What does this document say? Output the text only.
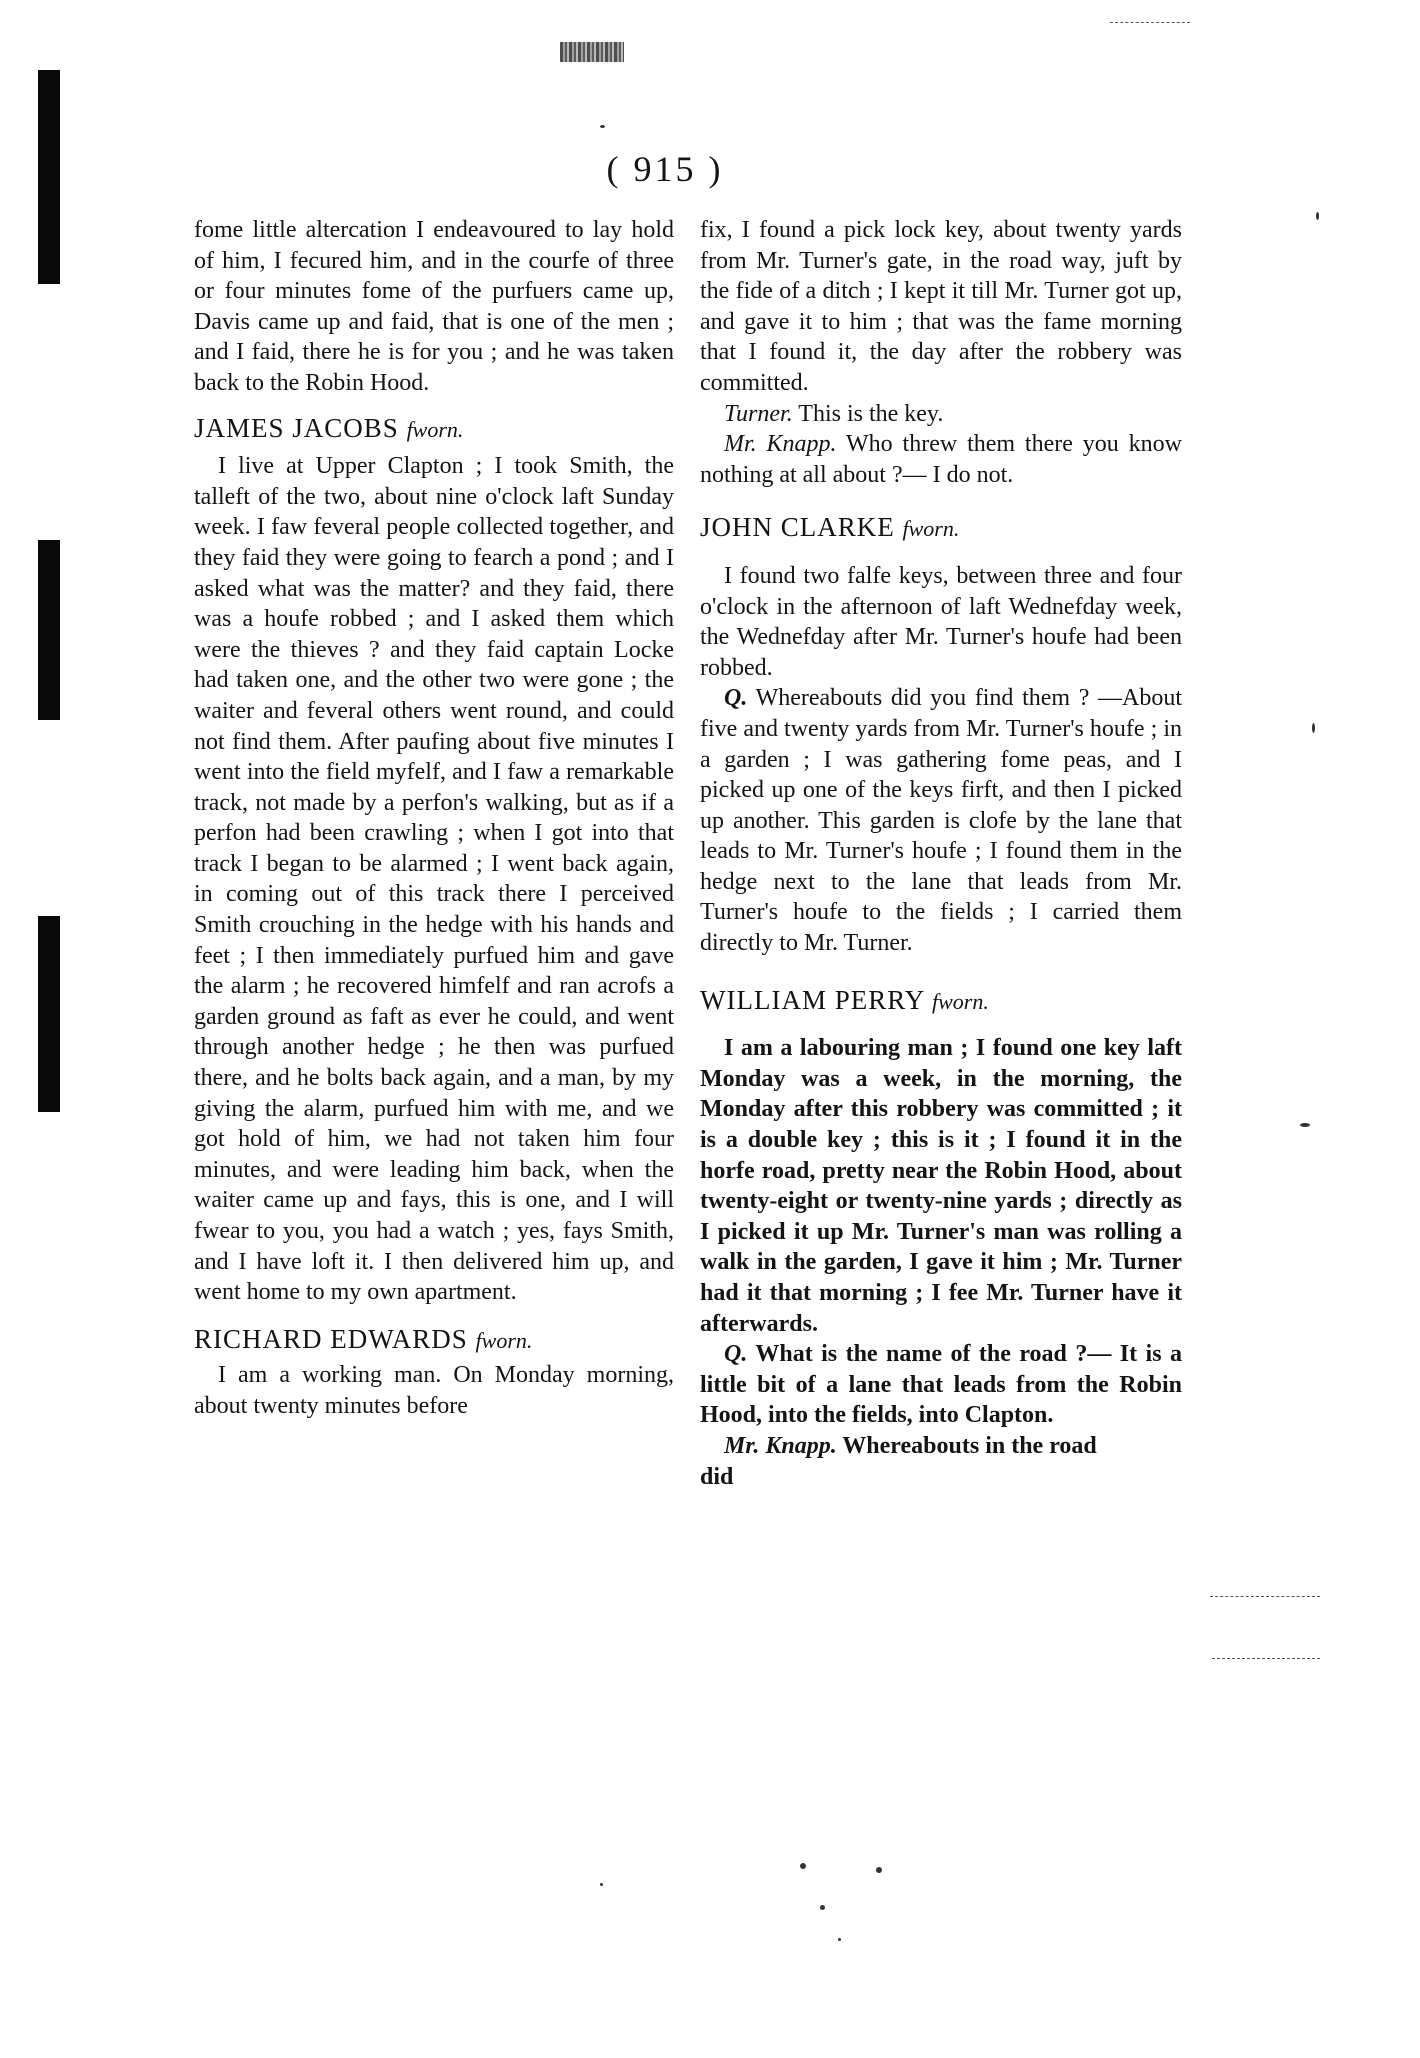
( 915 )

fome little altercation I endeavoured to lay hold of him, I fecured him, and in the courfe of three or four minutes fome of the purfuers came up, Davis came up and faid, that is one of the men ; and I faid, there he is for you ; and he was taken back to the Robin Hood.

JAMES JACOBS fworn.

I live at Upper Clapton ; I took Smith, the talleft of the two, about nine o'clock laft Sunday week. I faw feveral people collected together, and they faid they were going to fearch a pond ; and I asked what was the matter? and they faid, there was a houfe robbed ; and I asked them which were the thieves ? and they faid captain Locke had taken one, and the other two were gone ; the waiter and feveral others went round, and could not find them. After paufing about five minutes I went into the field myfelf, and I faw a remarkable track, not made by a perfon's walking, but as if a perfon had been crawling ; when I got into that track I began to be alarmed ; I went back again, in coming out of this track there I perceived Smith crouching in the hedge with his hands and feet ; I then immediately purfued him and gave the alarm ; he recovered himfelf and ran acrofs a garden ground as faft as ever he could, and went through another hedge ; he then was purfued there, and he bolts back again, and a man, by my giving the alarm, purfued him with me, and we got hold of him, we had not taken him four minutes, and were leading him back, when the waiter came up and fays, this is one, and I will fwear to you, you had a watch ; yes, fays Smith, and I have loft it. I then delivered him up, and went home to my own apartment.

RICHARD EDWARDS fworn.

I am a working man. On Monday morning, about twenty minutes before

fix, I found a pick lock key, about twenty yards from Mr. Turner's gate, in the road way, juft by the fide of a ditch ; I kept it till Mr. Turner got up, and gave it to him ; that was the fame morning that I found it, the day after the robbery was committed.

Turner. This is the key.

Mr. Knapp. Who threw them there you know nothing at all about ?— I do not.

JOHN CLARKE fworn.

I found two falfe keys, between three and four o'clock in the afternoon of laft Wednefday week, the Wednefday after Mr. Turner's houfe had been robbed.

Q. Whereabouts did you find them ? —About five and twenty yards from Mr. Turner's houfe ; in a garden ; I was gathering fome peas, and I picked up one of the keys firft, and then I picked up another. This garden is clofe by the lane that leads to Mr. Turner's houfe ; I found them in the hedge next to the lane that leads from Mr. Turner's houfe to the fields ; I carried them directly to Mr. Turner.

WILLIAM PERRY fworn.

I am a labouring man ; I found one key laft Monday was a week, in the morning, the Monday after this robbery was committed ; it is a double key ; this is it ; I found it in the horfe road, pretty near the Robin Hood, about twenty-eight or twenty-nine yards ; directly as I picked it up Mr. Turner's man was rolling a walk in the garden, I gave it him ; Mr. Turner had it that morning ; I fee Mr. Turner have it afterwards.

Q. What is the name of the road ?— It is a little bit of a lane that leads from the Robin Hood, into the fields, into Clapton.

Mr. Knapp. Whereabouts in the road

did
